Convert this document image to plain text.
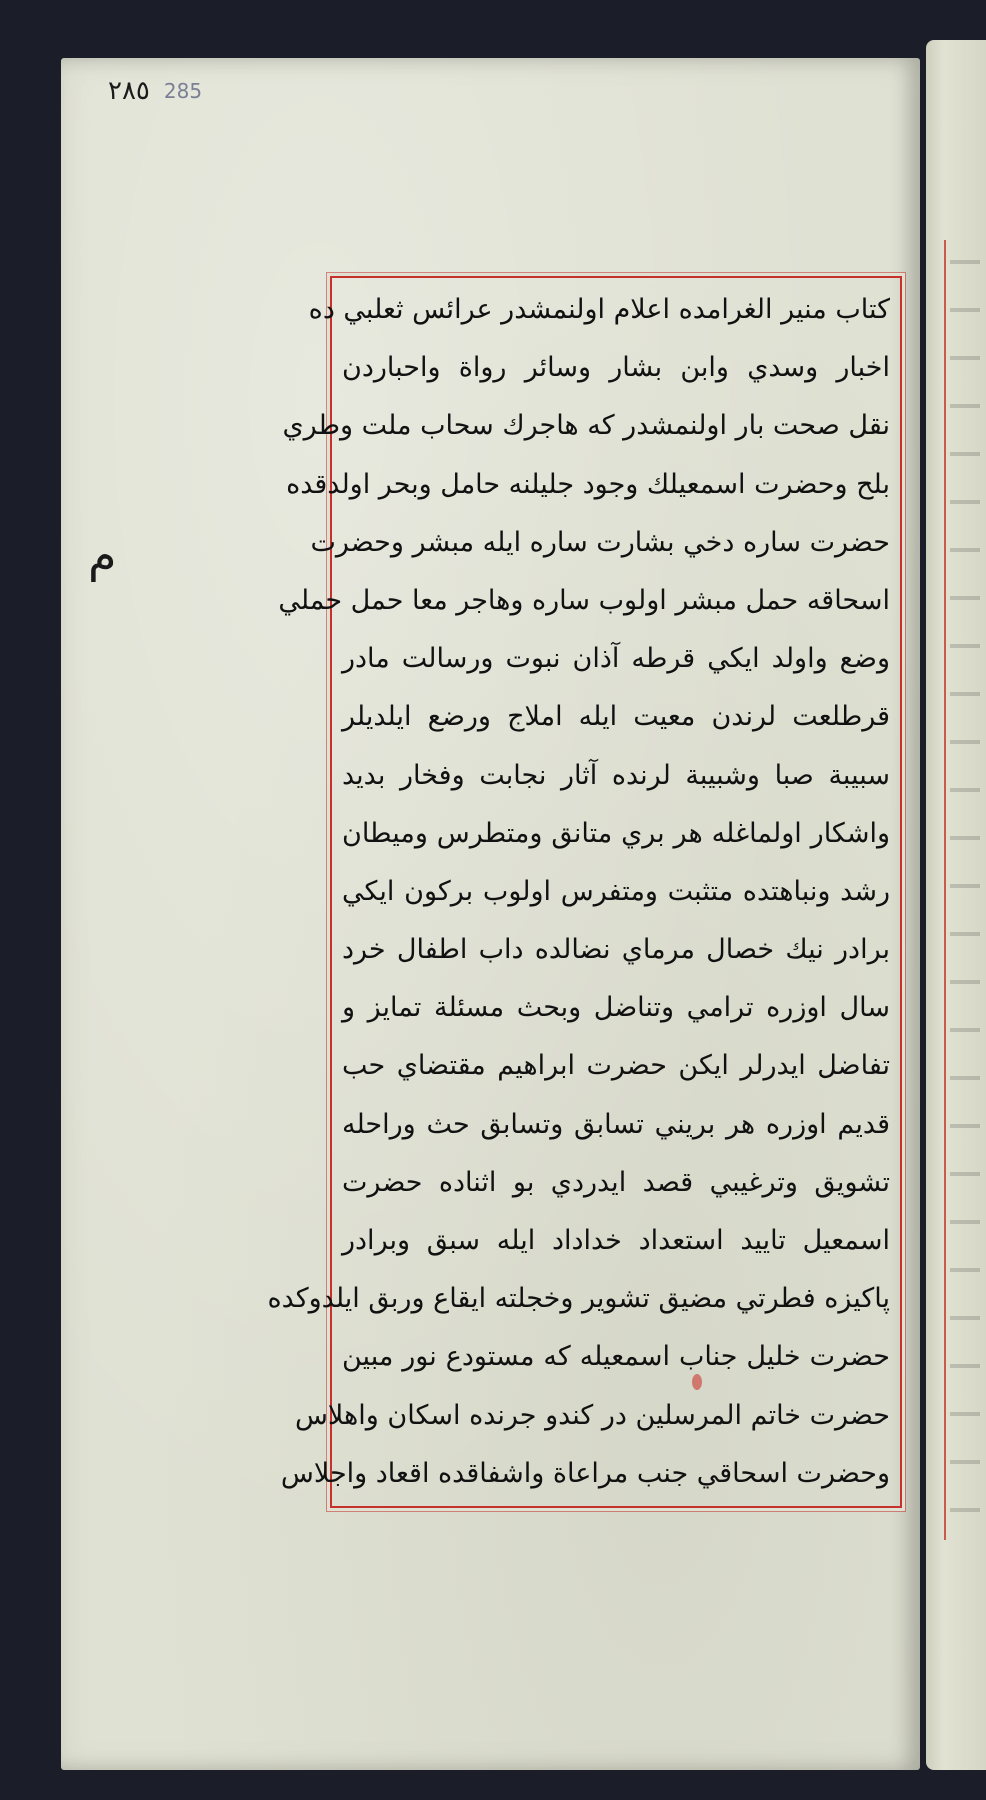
٢٨٥ 285
م
كتاب منير الغرامده اعلام اولنمشدر عرائس ثعلبي ده
اخبار وسدي وابن بشار وسائر رواة واحباردن
نقل صحت بار اولنمشدر كه هاجرك سحاب ملت وطري
بلح وحضرت اسمعيلك وجود جليلنه حامل وبحر اولدقده
حضرت ساره دخي بشارت ساره ايله مبشر وحضرت
اسحاقه حمل مبشر اولوب ساره وهاجر معا حمل حملي
وضع واولد ايكي قرطه آذان نبوت ورسالت مادر
قرطلعت لرندن معيت ايله املاج ورضع ايلديلر
سبيبة صبا وشبيبة لرنده آثار نجابت وفخار بديد
واشكار اولماغله هر بري متانق ومتطرس وميطان
رشد ونباهتده متثبت ومتفرس اولوب بركون ايكي
برادر نيك خصال مرماي نضالده داب اطفال خرد
سال اوزره ترامي وتناضل وبحث مسئلة تمايز و
تفاضل ايدرلر ايكن حضرت ابراهيم مقتضاي حب
قديم اوزره هر بريني تسابق وتسابق حث وراحله
تشويق وترغيبي قصد ايدردي بو اثناده حضرت
اسمعيل تاييد استعداد خداداد ايله سبق وبرادر
پاكيزه فطرتي مضيق تشوير وخجلته ايقاع وربق ايلدوكده
حضرت خليل جناب اسمعيله كه مستودع نور مبين
حضرت خاتم المرسلين در كندو جرنده اسكان واهلاس
وحضرت اسحاقي جنب مراعاة واشفاقده اقعاد واجلاس
